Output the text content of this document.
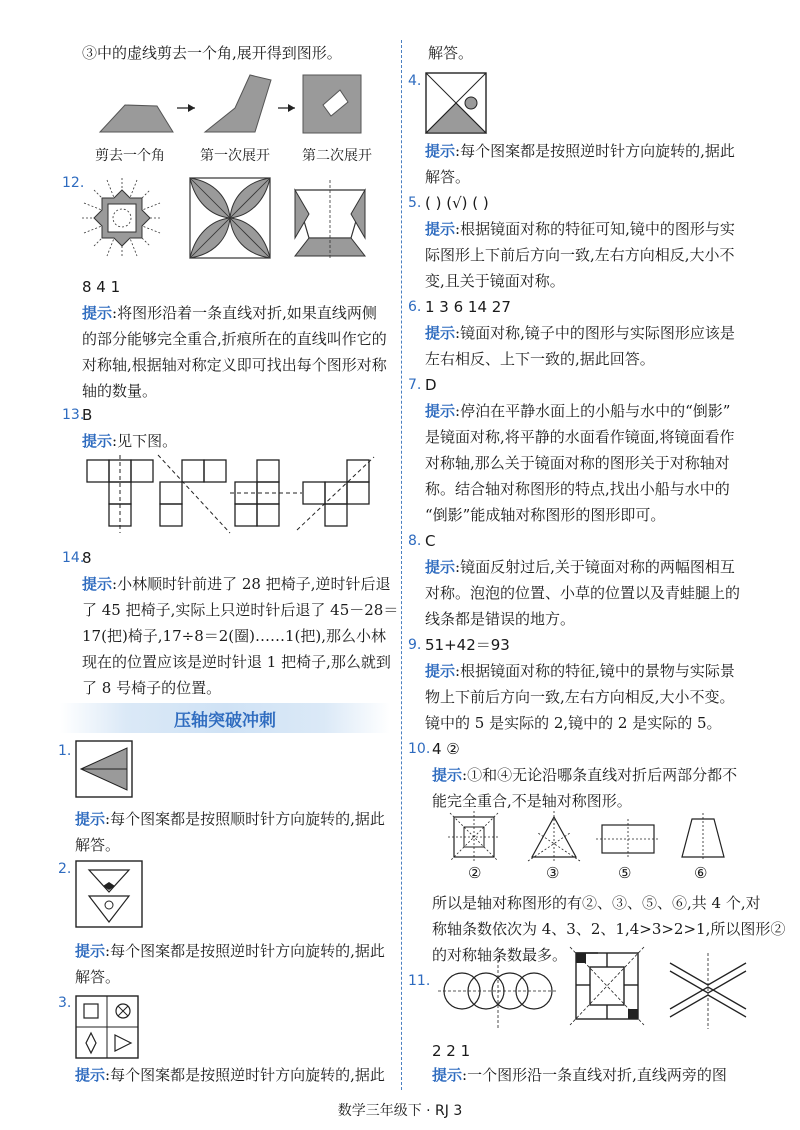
③中的虚线剪去一个角,展开得到图形。
剪去一个角	第一次展开 第二次展开
12.
8 4 1
提示:将图形沿着一条直线对折,如果直线两侧
的部分能够完全重合,折痕所在的直线叫作它的
对称轴,根据轴对称定义即可找出每个图形对称
轴的数量。
13.
B
提示:见下图。
14.
8
提示:小林顺时针前进了 28 把椅子,逆时针后退
了 45 把椅子,实际上只逆时针后退了 45－28＝
17(把)椅子,17÷8＝2(圈)……1(把),那么小林
现在的位置应该是逆时针退 1 把椅子,那么就到
了 8 号椅子的位置。
压轴突破冲刺
1.
提示:每个图案都是按照顺时针方向旋转的,据此
解答。
2.
提示:每个图案都是按照逆时针方向旋转的,据此
解答。
3.
提示:每个图案都是按照逆时针方向旋转的,据此
解答。
4.
提示:每个图案都是按照逆时针方向旋转的,据此
解答。
5. ( ) (√) ( )
提示:根据镜面对称的特征可知,镜中的图形与实
际图形上下前后方向一致,左右方向相反,大小不
变,且关于镜面对称。
6. 1 3 6 14 27
提示:镜面对称,镜子中的图形与实际图形应该是
左右相反、上下一致的,据此回答。
7. D
提示:停泊在平静水面上的小船与水中的“倒影”
是镜面对称,将平静的水面看作镜面,将镜面看作
对称轴,那么关于镜面对称的图形关于对称轴对
称。结合轴对称图形的特点,找出小船与水中的
“倒影”能成轴对称图形的图形即可。
8. C
提示:镜面反射过后,关于镜面对称的两幅图相互
对称。泡泡的位置、小草的位置以及青蛙腿上的
线条都是错误的地方。
9. 51+42＝93
提示:根据镜面对称的特征,镜中的景物与实际景
物上下前后方向一致,左右方向相反,大小不变。
镜中的 5 是实际的 2,镜中的 2 是实际的 5。
10. 4 ②
提示:①和④无论沿哪条直线对折后两部分都不
能完全重合,不是轴对称图形。
②	③	⑤	⑥
所以是轴对称图形的有②、③、⑤、⑥,共 4 个,对
称轴条数依次为 4、3、2、1,4>3>2>1,所以图形②
的对称轴条数最多。
11.
2 2 1
提示:一个图形沿一条直线对折,直线两旁的图
数学三年级下 · RJ 3
